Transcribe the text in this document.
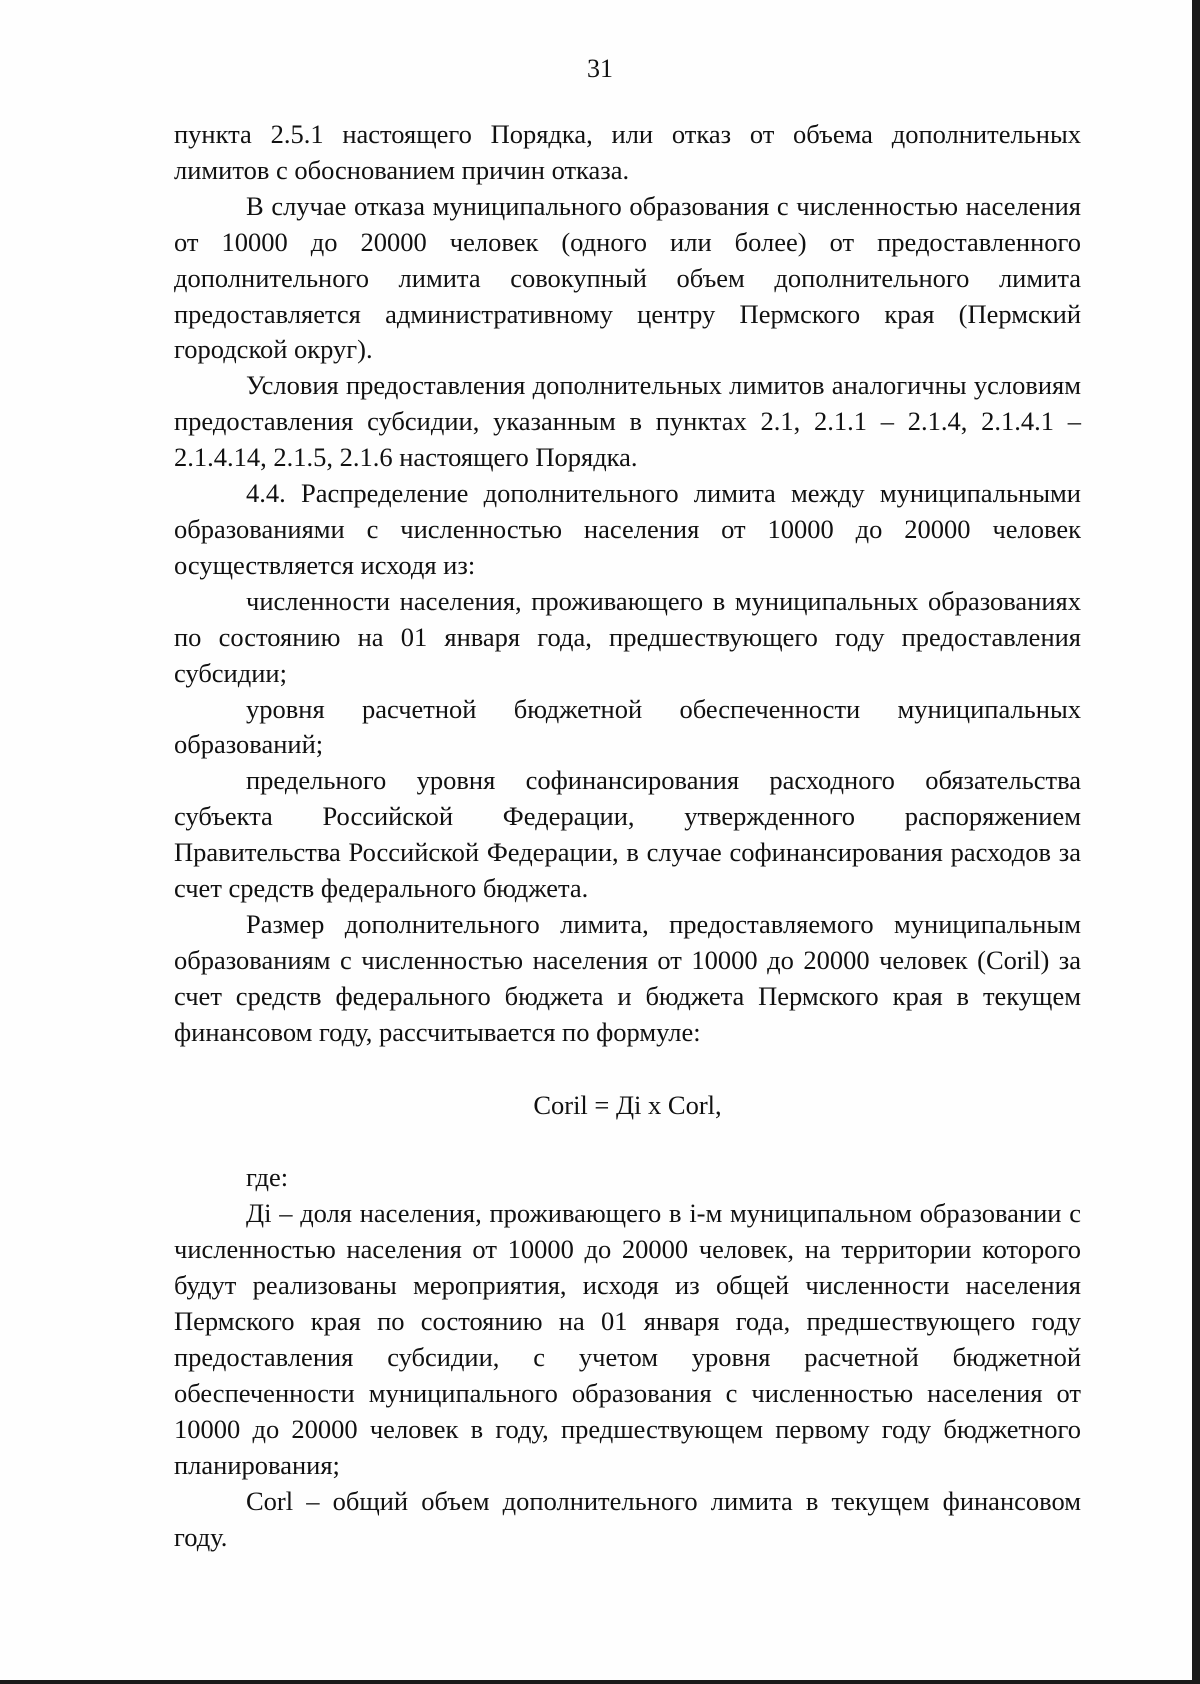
31

пункта 2.5.1 настоящего Порядка, или отказ от объема дополнительных лимитов с обоснованием причин отказа.

В случае отказа муниципального образования с численностью населения от 10000 до 20000 человек (одного или более) от предоставленного дополнительного лимита совокупный объем дополнительного лимита предоставляется административному центру Пермского края (Пермский городской округ).

Условия предоставления дополнительных лимитов аналогичны условиям предоставления субсидии, указанным в пунктах 2.1, 2.1.1 – 2.1.4, 2.1.4.1 – 2.1.4.14, 2.1.5, 2.1.6 настоящего Порядка.

4.4. Распределение дополнительного лимита между муниципальными образованиями с численностью населения от 10000 до 20000 человек осуществляется исходя из:

численности населения, проживающего в муниципальных образованиях по состоянию на 01 января года, предшествующего году предоставления субсидии;

уровня расчетной бюджетной обеспеченности муниципальных образований;

предельного уровня софинансирования расходного обязательства субъекта Российской Федерации, утвержденного распоряжением Правительства Российской Федерации, в случае софинансирования расходов за счет средств федерального бюджета.

Размер дополнительного лимита, предоставляемого муниципальным образованиям с численностью населения от 10000 до 20000 человек (Coril) за счет средств федерального бюджета и бюджета Пермского края в текущем финансовом году, рассчитывается по формуле:

Coril = Дi x Corl,

где:

Дi – доля населения, проживающего в i-м муниципальном образовании с численностью населения от 10000 до 20000 человек, на территории которого будут реализованы мероприятия, исходя из общей численности населения Пермского края по состоянию на 01 января года, предшествующего году предоставления субсидии, с учетом уровня расчетной бюджетной обеспеченности муниципального образования с численностью населения от 10000 до 20000 человек в году, предшествующем первому году бюджетного планирования;

Corl – общий объем дополнительного лимита в текущем финансовом году.
